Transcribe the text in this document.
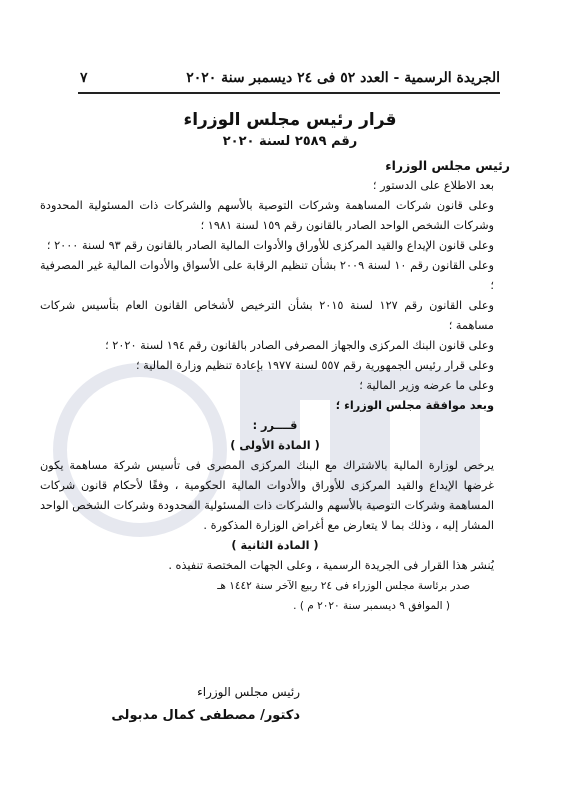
الجريدة الرسمية - العدد ٥٢ فى ٢٤ ديسمبر سنة ٢٠٢٠
٧
قرار رئيس مجلس الوزراء
رقم ٢٥٨٩ لسنة ٢٠٢٠

رئيس مجلس الوزراء

بعد الاطلاع على الدستور ؛

وعلى قانون شركات المساهمة وشركات التوصية بالأسهم والشركات ذات المسئولية المحدودة وشركات الشخص الواحد الصادر بالقانون رقم ١٥٩ لسنة ١٩٨١ ؛

وعلى قانون الإيداع والقيد المركزى للأوراق والأدوات المالية الصادر بالقانون رقم ٩٣ لسنة ٢٠٠٠ ؛

وعلى القانون رقم ١٠ لسنة ٢٠٠٩ بشأن تنظيم الرقابة على الأسواق والأدوات المالية غير المصرفية ؛

وعلى القانون رقم ١٢٧ لسنة ٢٠١٥ بشأن الترخيص لأشخاص القانون العام بتأسيس شركات مساهمة ؛

وعلى قانون البنك المركزى والجهاز المصرفى الصادر بالقانون رقم ١٩٤ لسنة ٢٠٢٠ ؛

وعلى قرار رئيس الجمهورية رقم ٥٥٧ لسنة ١٩٧٧ بإعادة تنظيم وزارة المالية ؛

وعلى ما عرضه وزير المالية ؛

وبعد موافقة مجلس الوزراء ؛

قــــرر :

( المادة الأولى )

يرخص لوزارة المالية بالاشتراك مع البنك المركزى المصرى فى تأسيس شركة مساهمة يكون غرضها الإيداع والقيد المركزى للأوراق والأدوات المالية الحكومية ، وفقًا لأحكام قانون شركات المساهمة وشركات التوصية بالأسهم والشركات ذات المسئولية المحدودة وشركات الشخص الواحد المشار إليه ، وذلك بما لا يتعارض مع أغراض الوزارة المذكورة .

( المادة الثانية )

يُنشر هذا القرار فى الجريدة الرسمية ، وعلى الجهات المختصة تنفيذه .

صدر برئاسة مجلس الوزراء فى ٢٤ ربيع الآخر سنة ١٤٤٢ هـ

( الموافق ٩ ديسمبر سنة ٢٠٢٠ م ) .

رئيس مجلس الوزراء
دكتور/ مصطفى كمال مدبولى
